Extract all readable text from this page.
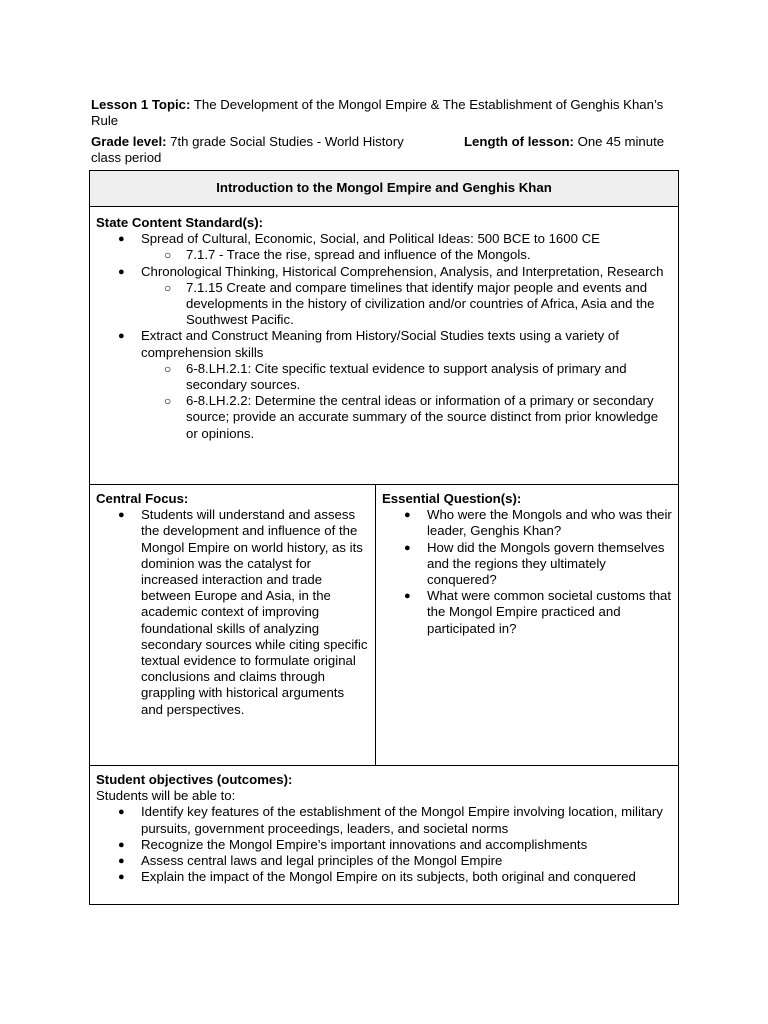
Lesson 1 Topic: The Development of the Mongol Empire & The Establishment of Genghis Khan’s Rule
Grade level: 7th grade Social Studies - World History	Length of lesson: One 45 minute
class period
Introduction to the Mongol Empire and Genghis Khan

State Content Standard(s):
● Spread of Cultural, Economic, Social, and Political Ideas: 500 BCE to 1600 CE
○ 7.1.7 - Trace the rise, spread and influence of the Mongols.
● Chronological Thinking, Historical Comprehension, Analysis, and Interpretation, Research
○ 7.1.15 Create and compare timelines that identify major people and events and developments in the history of civilization and/or countries of Africa, Asia and the Southwest Pacific.
● Extract and Construct Meaning from History/Social Studies texts using a variety of comprehension skills
○ 6-8.LH.2.1: Cite specific textual evidence to support analysis of primary and secondary sources.
○ 6-8.LH.2.2: Determine the central ideas or information of a primary or secondary source; provide an accurate summary of the source distinct from prior knowledge or opinions.

Central Focus:
● Students will understand and assess the development and influence of the Mongol Empire on world history, as its dominion was the catalyst for increased interaction and trade between Europe and Asia, in the academic context of improving foundational skills of analyzing secondary sources while citing specific textual evidence to formulate original conclusions and claims through grappling with historical arguments and perspectives.

Essential Question(s):
● Who were the Mongols and who was their leader, Genghis Khan?
● How did the Mongols govern themselves and the regions they ultimately conquered?
● What were common societal customs that the Mongol Empire practiced and participated in?

Student objectives (outcomes):
Students will be able to:
● Identify key features of the establishment of the Mongol Empire involving location, military pursuits, government proceedings, leaders, and societal norms
● Recognize the Mongol Empire’s important innovations and accomplishments
● Assess central laws and legal principles of the Mongol Empire
● Explain the impact of the Mongol Empire on its subjects, both original and conquered
